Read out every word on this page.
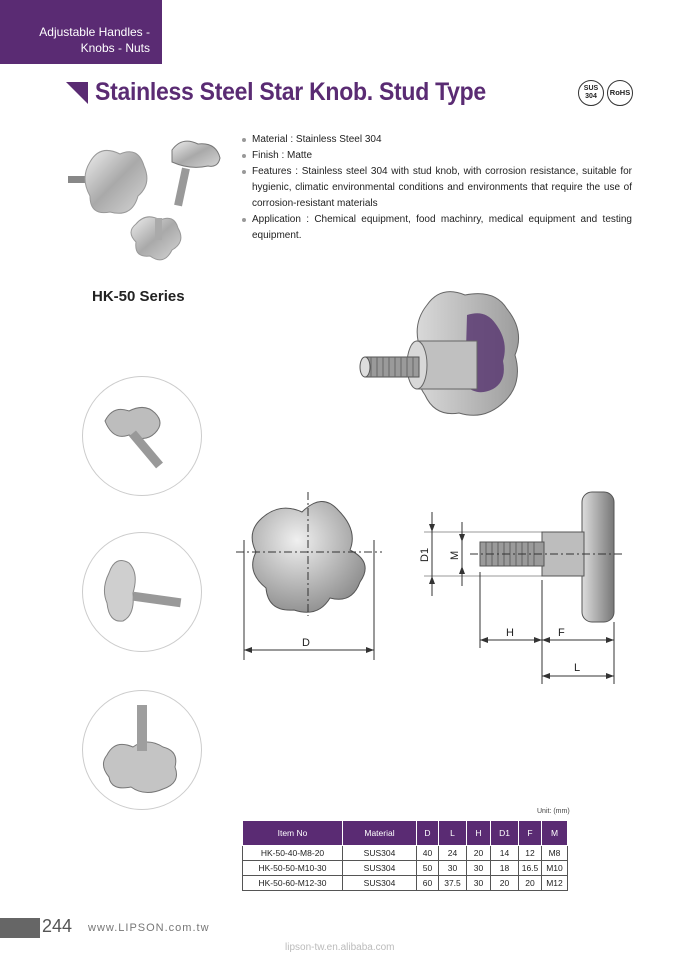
Adjustable Handles -
Knobs - Nuts
Stainless Steel Star Knob. Stud Type	SUS
304	RoHS
Material : Stainless Steel 304
Finish : Matte
Features : Stainless steel 304 with stud knob, with corrosion resistance, suitable for hygienic, climatic environmental conditions and environments that require the use of corrosion-resistant materials
Application : Chemical equipment, food machinry, medical equipment and testing equipment.
HK-50 Series
D
D1 M
H	F
L
Unit: (mm)
Item No	Material	D	L	H	D1	F	M
HK-50-40-M8-20	SUS304	40	24	20	14	12	M8
HK-50-50-M10-30	SUS304	50	30	30	18	16.5	M10
HK-50-60-M12-30	SUS304	60	37.5	30	20	20	M12
244 www.LIPSON.com.tw
lipson-tw.en.alibaba.com
